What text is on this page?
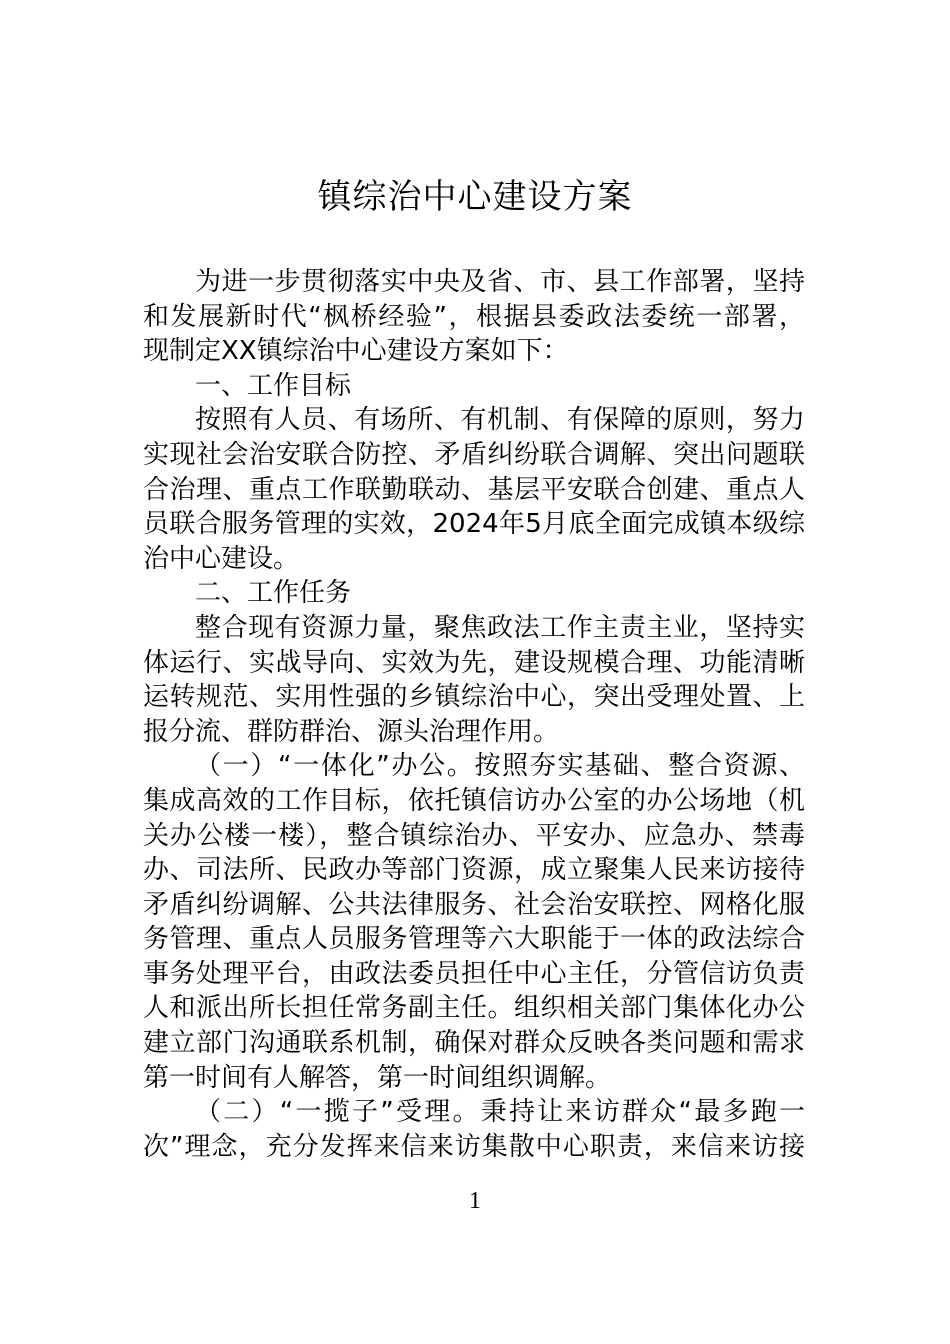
镇综治中心建设方案
为进一步贯彻落实中央及省、市、县工作部署，坚持
和发展新时代“枫桥经验”，根据县委政法委统一部署，
现制定XX镇综治中心建设方案如下：
一、工作目标
按照有人员、有场所、有机制、有保障的原则，努力
实现社会治安联合防控、矛盾纠纷联合调解、突出问题联
合治理、重点工作联勤联动、基层平安联合创建、重点人
员联合服务管理的实效，2024年5月底全面完成镇本级综
治中心建设。
二、工作任务
整合现有资源力量，聚焦政法工作主责主业，坚持实
体运行、实战导向、实效为先，建设规模合理、功能清晰
运转规范、实用性强的乡镇综治中心，突出受理处置、上
报分流、群防群治、源头治理作用。
（一）“一体化”办公。按照夯实基础、整合资源、
集成高效的工作目标，依托镇信访办公室的办公场地（机
关办公楼一楼），整合镇综治办、平安办、应急办、禁毒
办、司法所、民政办等部门资源，成立聚集人民来访接待
矛盾纠纷调解、公共法律服务、社会治安联控、网格化服
务管理、重点人员服务管理等六大职能于一体的政法综合
事务处理平台，由政法委员担任中心主任，分管信访负责
人和派出所长担任常务副主任。组织相关部门集体化办公
建立部门沟通联系机制，确保对群众反映各类问题和需求
第一时间有人解答，第一时间组织调解。
（二）“一揽子”受理。秉持让来访群众“最多跑一
次”理念，充分发挥来信来访集散中心职责，来信来访接
1
